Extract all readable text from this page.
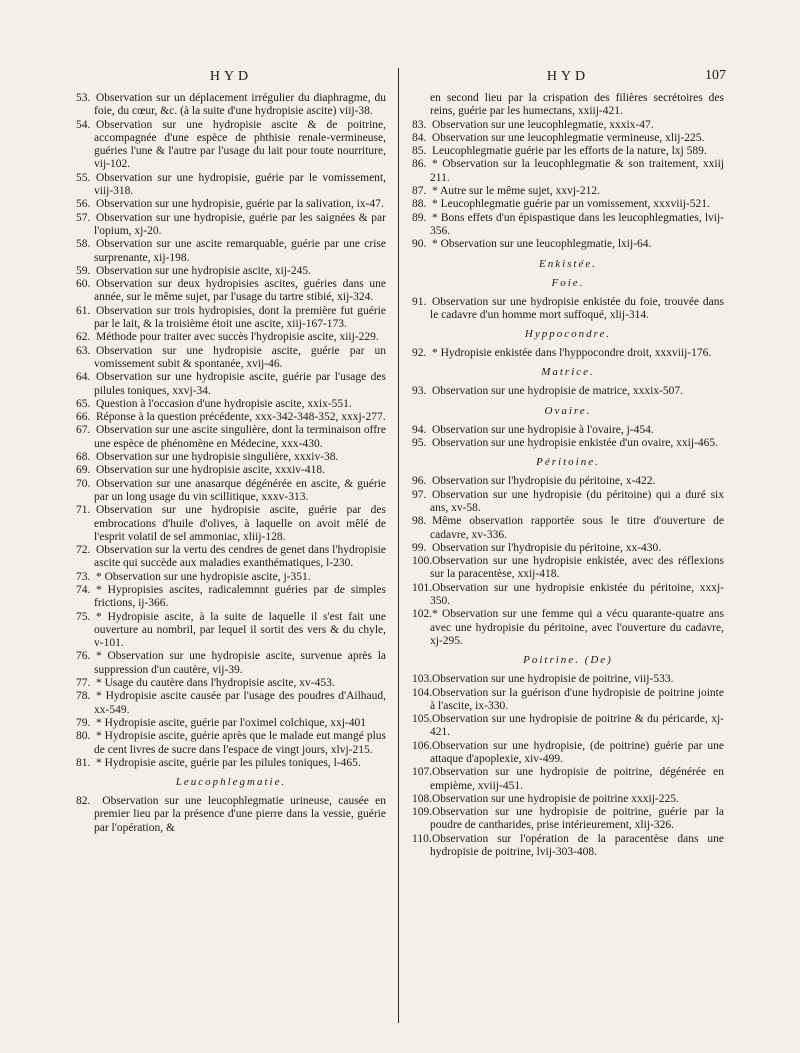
107
HYD
53. Observation sur un déplacement irrégulier du diaphragme, du foie, du cœur, &c. (à la suite d'une hydropisie ascite) viij-38.
54. Observation sur une hydropisie ascite & de poitrine, accompagnée d'une espèce de phthisie renale-vermineuse, guéries l'une & l'autre par l'usage du lait pour toute nourriture, vij-102.
55. Observation sur une hydropisie, guérie par le vomissement, viij-318.
56. Observation sur une hydropisie, guérie par la salivation, ix-47.
57. Observation sur une hydropisie, guérie par les saignées & par l'opium, xj-20.
58. Observation sur une ascite remarquable, guérie par une crise surprenante, xij-198.
59. Observation sur une hydropisie ascite, xij-245.
60. Observation sur deux hydropisies ascites, guéries dans une année, sur le même sujet, par l'usage du tartre stibié, xij-324.
61. Observation sur trois hydropisies, dont la première fut guérie par le lait, & la troisième étoit une ascite, xiij-167-173.
62. Méthode pour traiter avec succès l'hydropisie ascite, xiij-229.
63. Observation sur une hydropisie ascite, guérie par un vomissement subit & spontanée, xvij-46.
64. Observation sur une hydropisie ascite, guérie par l'usage des pilules toniques, xxvj-34.
65. Question à l'occasion d'une hydropisie ascite, xxix-551.
66. Réponse à la question précédente, xxx-342-348-352, xxxj-277.
67. Observation sur une ascite singulière, dont la terminaison offre une espèce de phénomène en Médecine, xxx-430.
68. Observation sur une hydropisie singulière, xxxiv-38.
69. Observation sur une hydropisie ascite, xxxiv-418.
70. Observation sur une anasarque dégénérée en ascite, & guérie par un long usage du vin scillitique, xxxv-313.
71. Observation sur une hydropisie ascite, guérie par des embrocations d'huile d'olives, à laquelle on avoit mêlé de l'esprit volatil de sel ammoniac, xliij-128.
72. Observation sur la vertu des cendres de genet dans l'hydropisie ascite qui succède aux maladies exanthématiques, l-230.
73. * Observation sur une hydropisie ascite, j-351.
74. * Hypropisies ascites, radicalemnnt guéries par de simples frictions, ij-366.
75. * Hydropisie ascite, à la suite de laquelle il s'est fait une ouverture au nombril, par lequel il sortit des vers & du chyle, v-101.
76. * Observation sur une hydropisie ascite, survenue après la suppression d'un cautère, vij-39.
77. * Usage du cautère dans l'hydropisie ascite, xv-453.
78. * Hydropisie ascite causée par l'usage des poudres d'Ailhaud, xx-549.
79. * Hydropisie ascite, guérie par l'oximel colchique, xxj-401
80. * Hydropisie ascite, guérie après que le malade eut mangé plus de cent livres de sucre dans l'espace de vingt jours, xlvj-215.
81. * Hydropisie ascite, guérie par les pilules toniques, l-465.
Leucophlegmatie.
82. Observation sur une leucophlegmatie urineuse, causée en premier lieu par la présence d'une pierre dans la vessie, guérie par l'opération, &
HYD
en second lieu par la crispation des filières secrétoires des reins, guérie par les humectans, xxiij-421.
83. Observation sur une leucophlegmatie, xxxix-47.
84. Observation sur une leucophlegmatie vermineuse, xlij-225.
85. Leucophlegmatie guérie par les efforts de la nature, lxj 589.
86. * Observation sur la leucophlegmatie & son traitement, xxiij 211.
87. * Autre sur le même sujet, xxvj-212.
88. * Leucophlegmatie guérie par un vomissement, xxxviij-521.
89. * Bons effets d'un épispastique dans les leucophlegmaties, lvij-356.
90. * Observation sur une leucophlegmatie, lxij-64.
Enkistée.
Foie.
91. Observation sur une hydropisie enkistée du foie, trouvée dans le cadavre d'un homme mort suffoqué, xlij-314.
Hyppocondre.
92. * Hydropisie enkistée dans l'hyppocondre droit, xxxviij-176.
Matrice.
93. Observation sur une hydropisie de matrice, xxxix-507.
Ovaire.
94. Observation sur une hydropisie à l'ovaire, j-454.
95. Observation sur une hydropisie enkistée d'un ovaire, xxij-465.
Péritoine.
96. Observation sur l'hydropisie du péritoine, x-422.
97. Observation sur une hydropisie (du péritoine) qui a duré six ans, xv-58.
98. Même observation rapportée sous le titre d'ouverture de cadavre, xv-336.
99. Observation sur l'hydropisie du péritoine, xx-430.
100.Observation sur une hydropisie enkistée, avec des réflexions sur la paracentèse, xxij-418.
101.Observation sur une hydropisie enkistée du péritoine, xxxj-350.
102.* Observation sur une femme qui a vécu quarante-quatre ans avec une hydropisie du péritoine, avec l'ouverture du cadavre, xj-295.
Poitrine. (De)
103.Observation sur une hydropisie de poitrine, viij-533.
104.Observation sur la guérison d'une hydropisie de poitrine jointe à l'ascite, ix-330.
105.Observation sur une hydropisie de poitrine & du péricarde, xj-421.
106.Observation sur une hydropisie, (de poitrine) guérie par une attaque d'apoplexie, xiv-499.
107.Observation sur une hydropisie de poitrine, dégénérée en empième, xviij-451.
108.Observation sur une hydropisie de poitrine xxxij-225.
109.Observation sur une hydropisie de poitrine, guérie par la poudre de cantharides, prise intérieurement, xlij-326.
110.Observation sur l'opération de la paracentèse dans une hydropisie de poitrine, lvij-303-408.
